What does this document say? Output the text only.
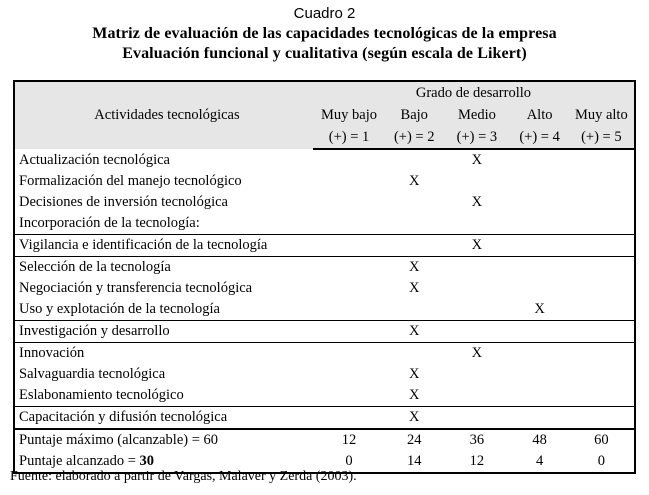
Cuadro 2
Matriz de evaluación de las capacidades tecnológicas de la empresa
Evaluación funcional y cualitativa (según escala de Likert)
Actividades tecnológicas	Grado de desarrollo				
	Muy bajo	Bajo	Medio	Alto	Muy alto
	(+) = 1	(+) = 2	(+) = 3	(+) = 4	(+) = 5
Actualización tecnológica			X		
Formalización del manejo tecnológico		X			
Decisiones de inversión tecnológica			X		
Incorporación de la tecnología:					
Vigilancia e identificación de la tecnología			X		
Selección de la tecnología		X			
Negociación y transferencia tecnológica		X			
Uso y explotación de la tecnología				X	
Investigación y desarrollo		X			
Innovación			X		
Salvaguardia tecnológica		X			
Eslabonamiento tecnológico		X			
Capacitación y difusión tecnológica		X			
Puntaje máximo (alcanzable) = 60	12	24	36	48	60
Puntaje alcanzado = 30	0	14	12	4	0
Fuente: elaborado a partir de Vargas, Malaver y Zerda (2003).
